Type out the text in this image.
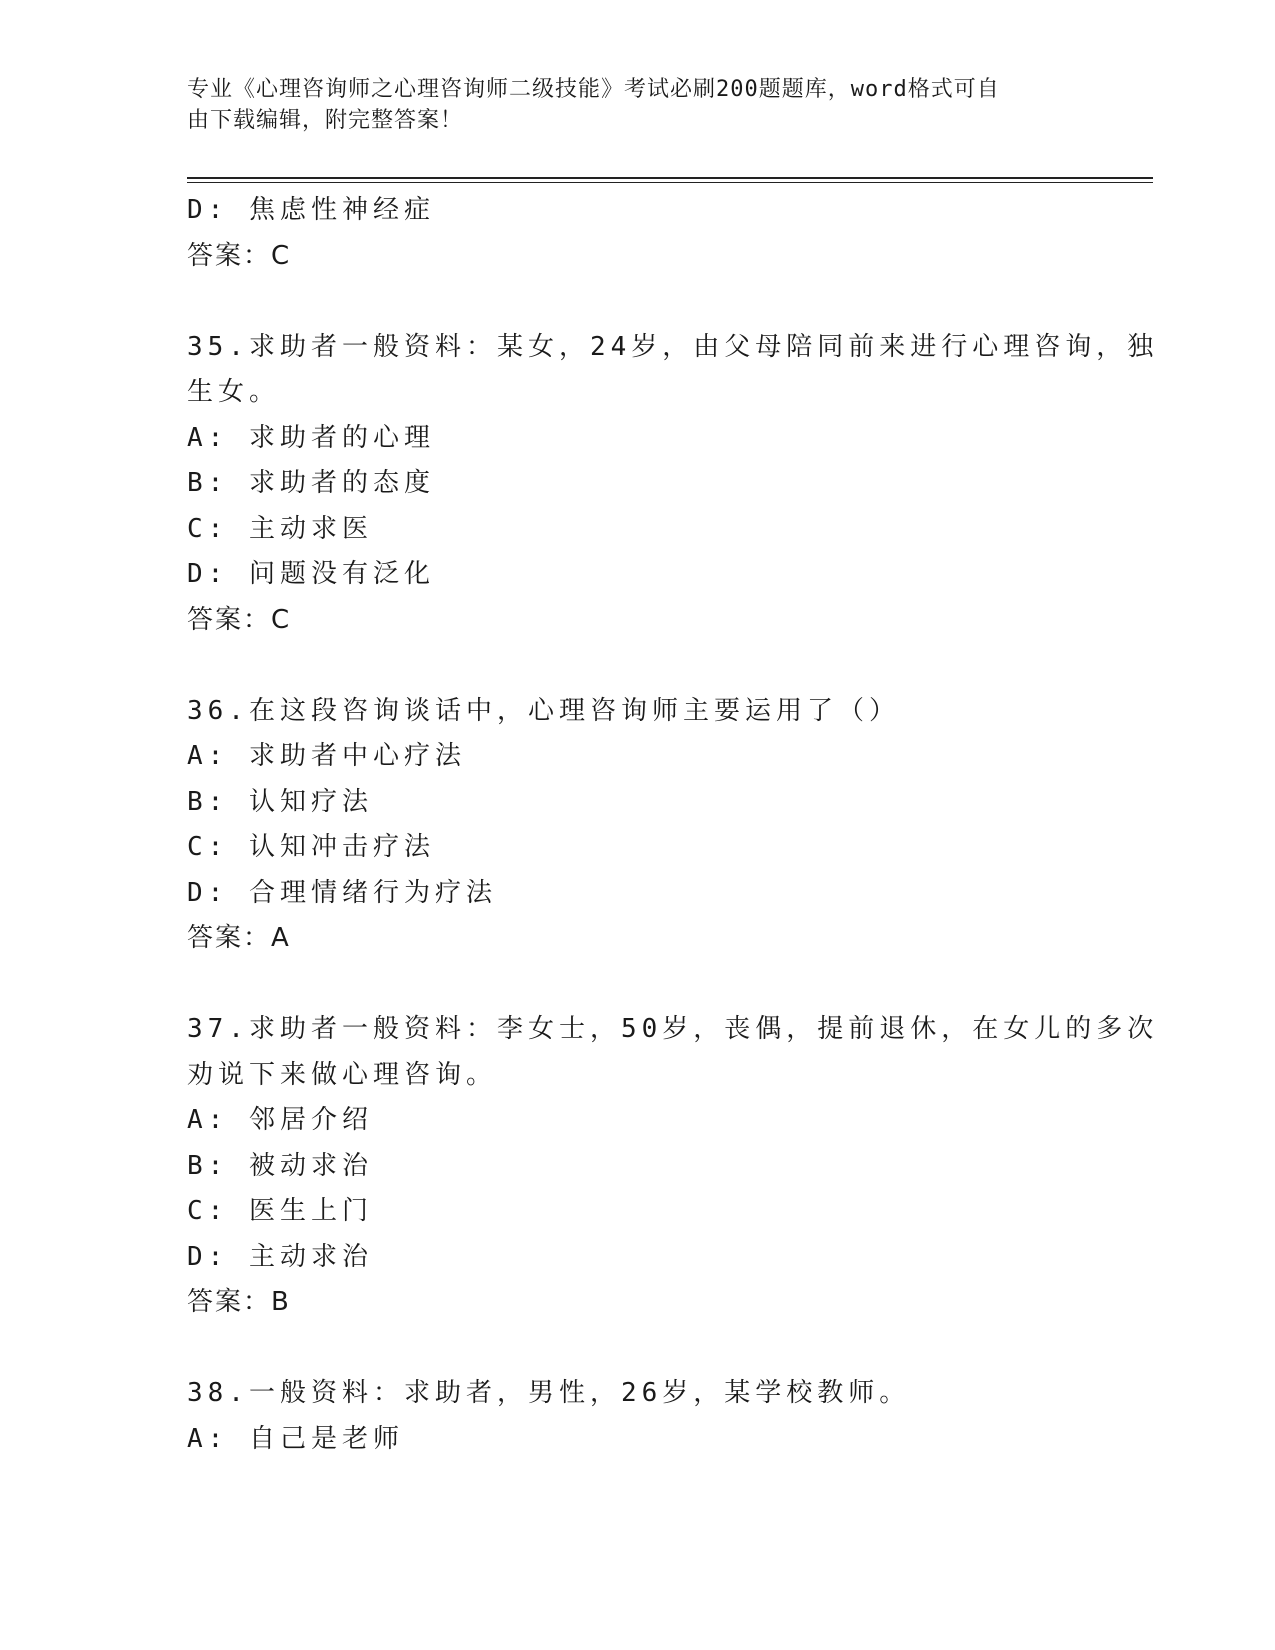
专业《心理咨询师之心理咨询师二级技能》考试必刷200题题库，word格式可自
由下载编辑，附完整答案！
D: 焦虑性神经症
答案：C
35.求助者一般资料：某女，24岁，由父母陪同前来进行心理咨询，独
生女。
A: 求助者的心理
B: 求助者的态度
C: 主动求医
D: 问题没有泛化
答案：C
36.在这段咨询谈话中，心理咨询师主要运用了（）
A: 求助者中心疗法
B: 认知疗法
C: 认知冲击疗法
D: 合理情绪行为疗法
答案：A
37.求助者一般资料：李女士，50岁，丧偶，提前退休，在女儿的多次
劝说下来做心理咨询。
A: 邻居介绍
B: 被动求治
C: 医生上门
D: 主动求治
答案：B
38.一般资料：求助者，男性，26岁，某学校教师。
A: 自己是老师
